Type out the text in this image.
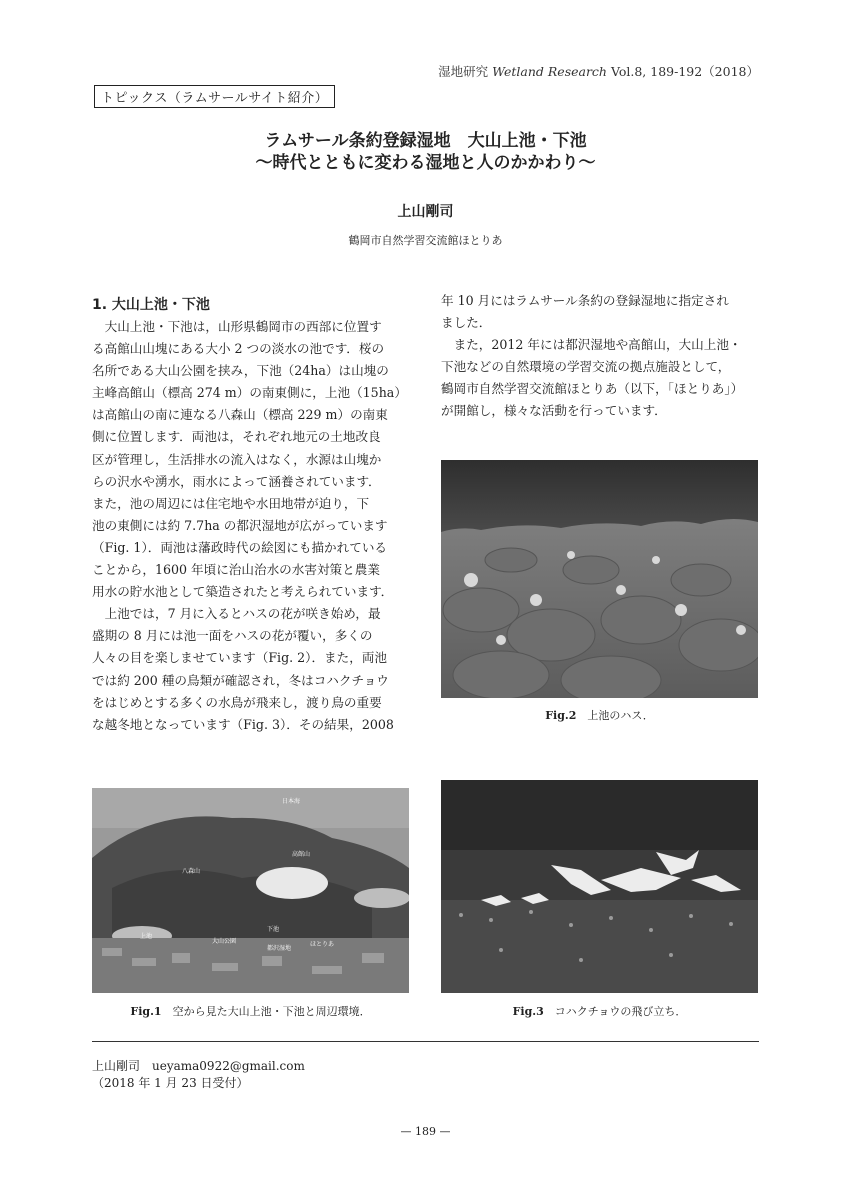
湿地研究 Wetland Research Vol.8, 189-192（2018）
トピックス（ラムサールサイト紹介）
ラムサール条約登録湿地　大山上池・下池
〜時代とともに変わる湿地と人のかかわり〜
上山剛司
鶴岡市自然学習交流館ほとりあ
1. 大山上池・下池
　大山上池・下池は，山形県鶴岡市の西部に位置す
る高館山山塊にある大小 2 つの淡水の池です．桜の
名所である大山公園を挟み，下池（24ha）は山塊の
主峰高館山（標高 274 m）の南東側に，上池（15ha）
は高館山の南に連なる八森山（標高 229 m）の南東
側に位置します．両池は，それぞれ地元の土地改良
区が管理し，生活排水の流入はなく，水源は山塊か
らの沢水や湧水，雨水によって涵養されています．
また，池の周辺には住宅地や水田地帯が迫り，下
池の東側には約 7.7ha の都沢湿地が広がっています
（Fig. 1）．両池は藩政時代の絵図にも描かれている
ことから，1600 年頃に治山治水の水害対策と農業
用水の貯水池として築造されたと考えられています．
　上池では，7 月に入るとハスの花が咲き始め，最
盛期の 8 月には池一面をハスの花が覆い，多くの
人々の目を楽しませています（Fig. 2）．また，両池
では約 200 種の鳥類が確認され，冬はコハクチョウ
をはじめとする多くの水鳥が飛来し，渡り鳥の重要
な越冬地となっています（Fig. 3）．その結果，2008
年 10 月にはラムサール条約の登録湿地に指定され
ました．
　また，2012 年には都沢湿地や高館山，大山上池・
下池などの自然環境の学習交流の拠点施設として，
鶴岡市自然学習交流館ほとりあ（以下，「ほとりあ」）
が開館し，様々な活動を行っています．
Fig.2　 上池のハス．
日本海
高館山
八森山
上池
下池
大山公園
都沢湿地
ほとりあ
Fig.1　 空から見た大山上池・下池と周辺環境．	Fig.3　 コハクチョウの飛び立ち．
上山剛司　ueyama0922@gmail.com
（2018 年 1 月 23 日受付）
— 189 —
